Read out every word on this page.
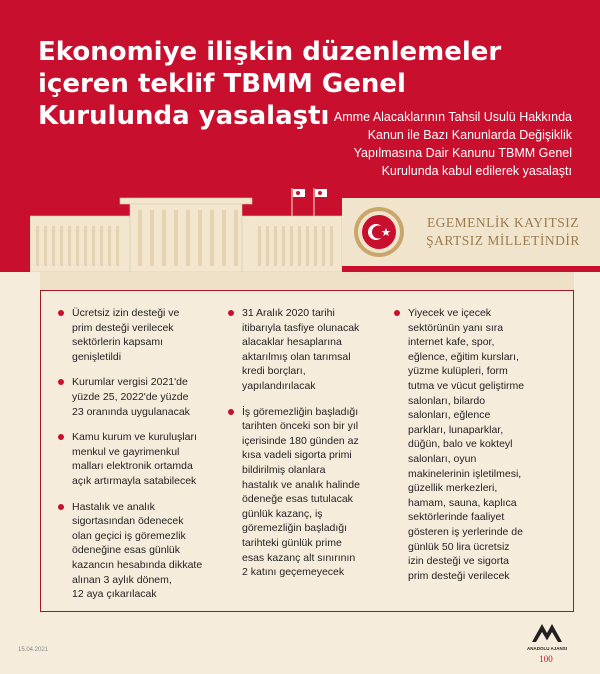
Ekonomiye ilişkin düzenlemeler
içeren teklif TBMM Genel
Kurulunda yasalaştı Amme Alacaklarının Tahsil Usulü Hakkında
Kanun ile Bazı Kanunlarda Değişiklik
Yapılmasına Dair Kanunu TBMM Genel
Kurulunda kabul edilerek yasalaştı
EGEMENLİK KAYITSIZ
ŞARTSIZ MİLLETİNDİR
Ücretsiz izin desteği ve
prim desteği verilecek
sektörlerin kapsamı
genişletildi
Kurumlar vergisi 2021'de
yüzde 25, 2022'de yüzde
23 oranında uygulanacak
Kamu kurum ve kuruluşları
menkul ve gayrimenkul
malları elektronik ortamda
açık artırmayla satabilecek
Hastalık ve analık
sigortasından ödenecek
olan geçici iş göremezlik
ödeneğine esas günlük
kazancın hesabında dikkate
alınan 3 aylık dönem,
12 aya çıkarılacak
31 Aralık 2020 tarihi
itibarıyla tasfiye olunacak
alacaklar hesaplarına
aktarılmış olan tarımsal
kredi borçları,
yapılandırılacak
İş göremezliğin başladığı
tarihten önceki son bir yıl
içerisinde 180 günden az
kısa vadeli sigorta primi
bildirilmiş olanlara
hastalık ve analık halinde
ödeneğe esas tutulacak
günlük kazanç, iş
göremezliğin başladığı
tarihteki günlük prime
esas kazanç alt sınırının
2 katını geçemeyecek
Yiyecek ve içecek
sektörünün yanı sıra
internet kafe, spor,
eğlence, eğitim kursları,
yüzme kulüpleri, form
tutma ve vücut geliştirme
salonları, bilardo
salonları, eğlence
parkları, lunaparklar,
düğün, balo ve kokteyl
salonları, oyun
makinelerinin işletilmesi,
güzellik merkezleri,
hamam, sauna, kaplıca
sektörlerinde faaliyet
gösteren iş yerlerinde de
günlük 50 lira ücretsiz
izin desteği ve sigorta
prim desteği verilecek
15.04.2021	ANADOLU AJANSI
100
